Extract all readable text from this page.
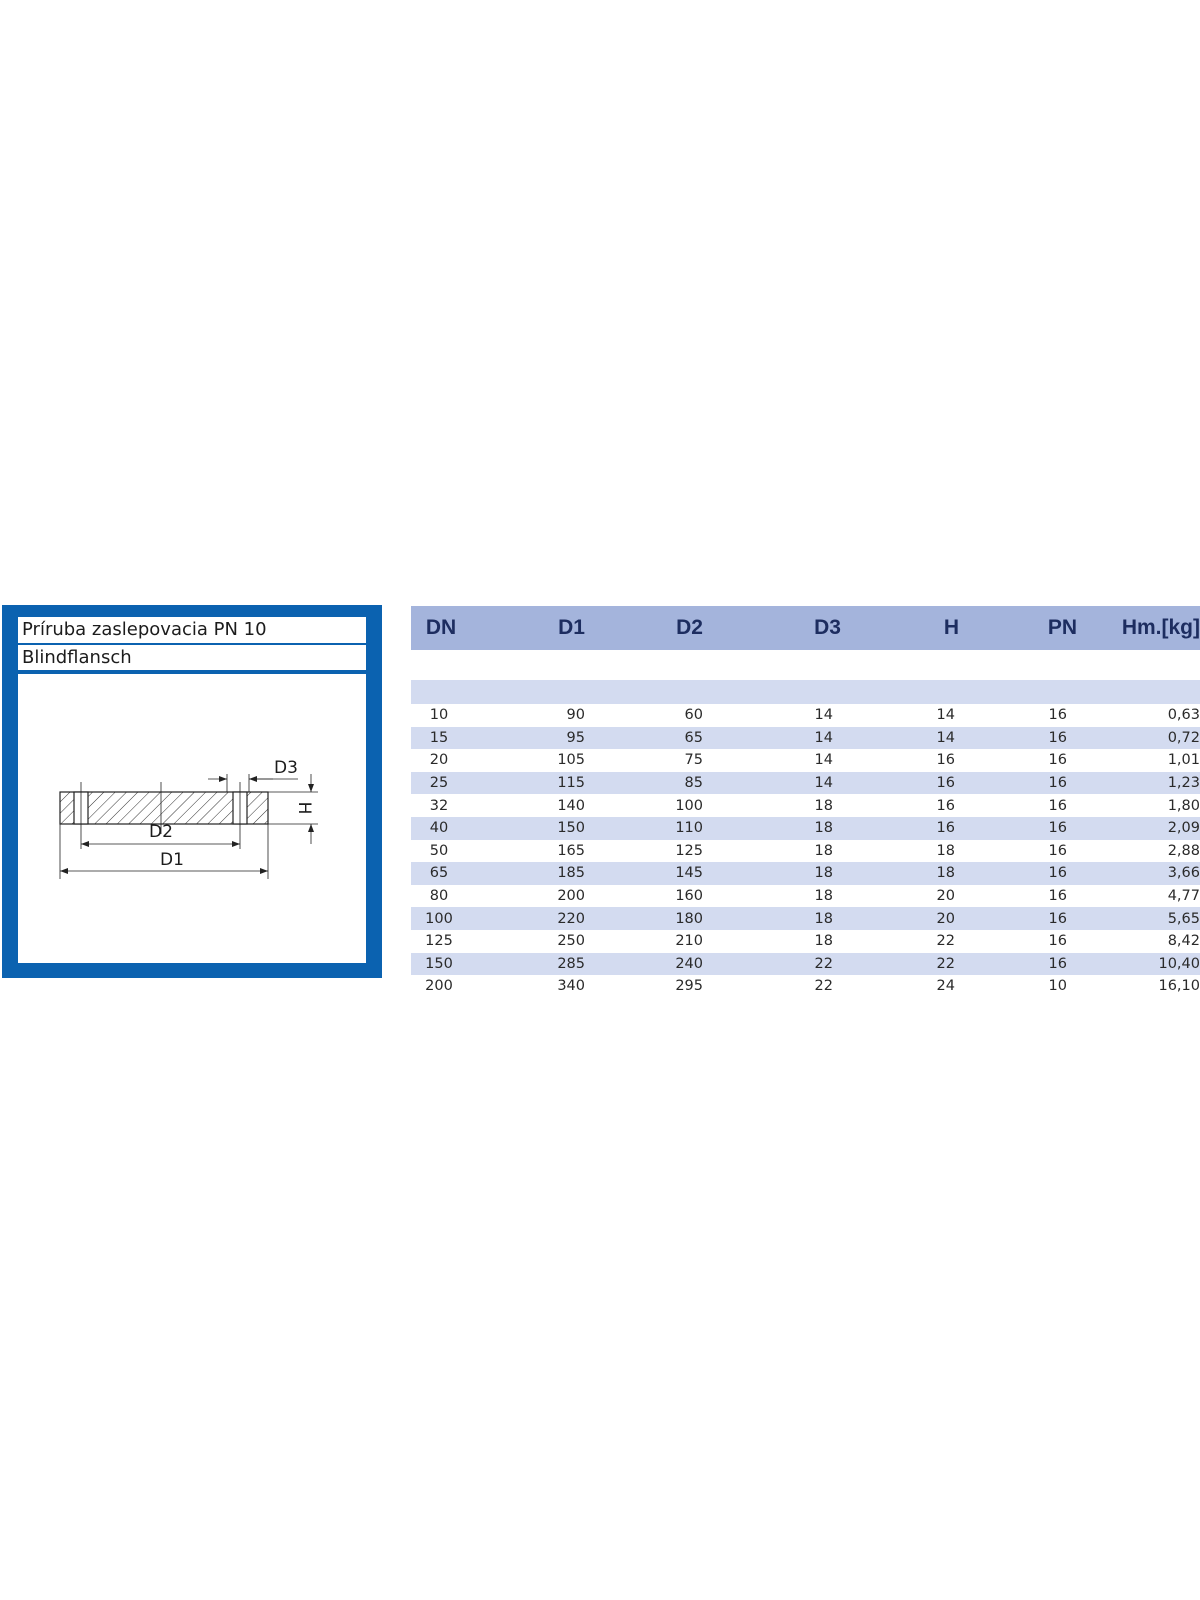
Príruba zaslepovacia PN 10
Blindflansch
D3
H
D2
D1
DN	D1	D2	D3	H	PN	Hm.[kg]
10	90	60	14	14	16	0,63
15	95	65	14	14	16	0,72
20	105	75	14	16	16	1,01
25	115	85	14	16	16	1,23
32	140	100	18	16	16	1,80
40	150	110	18	16	16	2,09
50	165	125	18	18	16	2,88
65	185	145	18	18	16	3,66
80	200	160	18	20	16	4,77
100	220	180	18	20	16	5,65
125	250	210	18	22	16	8,42
150	285	240	22	22	16	10,40
200	340	295	22	24	10	16,10
